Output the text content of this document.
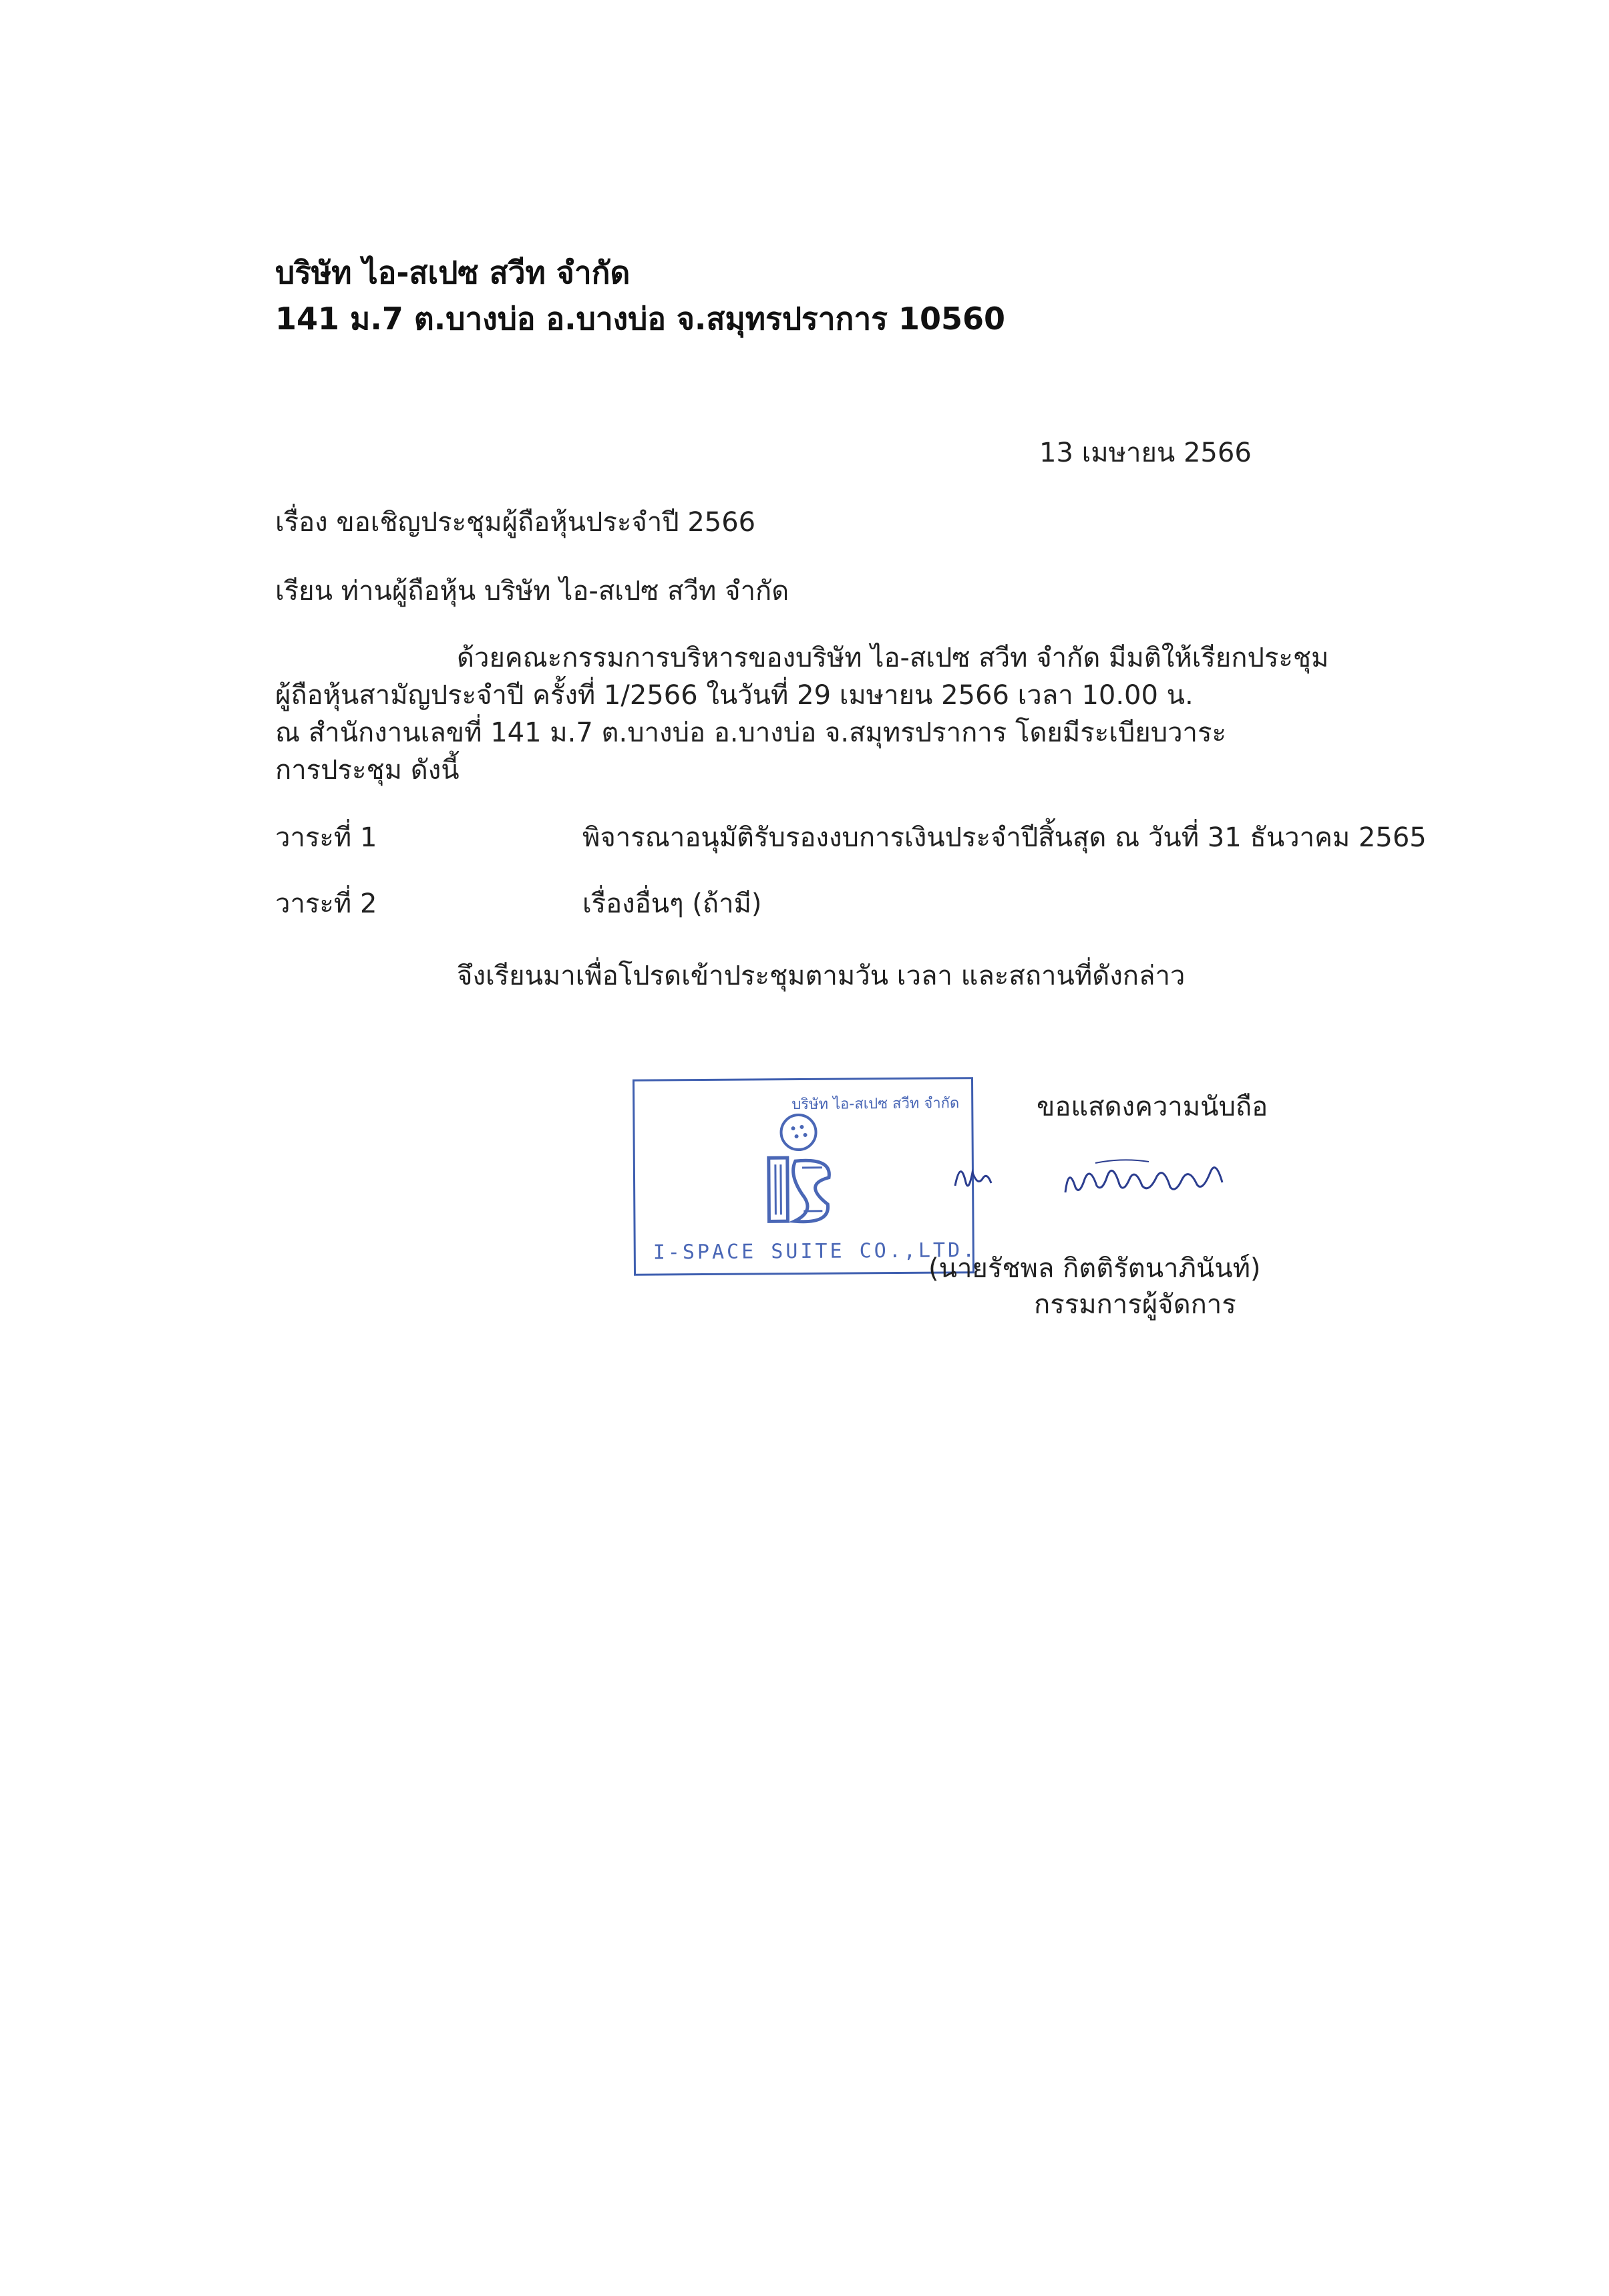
บริษัท ไอ-สเปซ สวีท จำกัด
141 ม.7 ต.บางบ่อ อ.บางบ่อ จ.สมุทรปราการ 10560
13 เมษายน 2566
เรื่อง ขอเชิญประชุมผู้ถือหุ้นประจำปี 2566
เรียน ท่านผู้ถือหุ้น บริษัท ไอ-สเปซ สวีท จำกัด
ด้วยคณะกรรมการบริหารของบริษัท ไอ-สเปซ สวีท จำกัด มีมติให้เรียกประชุม
ผู้ถือหุ้นสามัญประจำปี ครั้งที่ 1/2566 ในวันที่ 29 เมษายน 2566 เวลา 10.00 น.
ณ สำนักงานเลขที่ 141 ม.7 ต.บางบ่อ อ.บางบ่อ จ.สมุทรปราการ โดยมีระเบียบวาระ
การประชุม ดังนี้
วาระที่ 1	พิจารณาอนุมัติรับรองงบการเงินประจำปีสิ้นสุด ณ วันที่ 31 ธันวาคม 2565
วาระที่ 2	เรื่องอื่นๆ (ถ้ามี)
จึงเรียนมาเพื่อโปรดเข้าประชุมตามวัน เวลา และสถานที่ดังกล่าว
ขอแสดงความนับถือ
บริษัท ไอ-สเปซ สวีท จำกัด
I-SPACE SUITE CO.,LTD.
(นายรัชพล กิตติรัตนาภินันท์)
กรรมการผู้จัดการ
